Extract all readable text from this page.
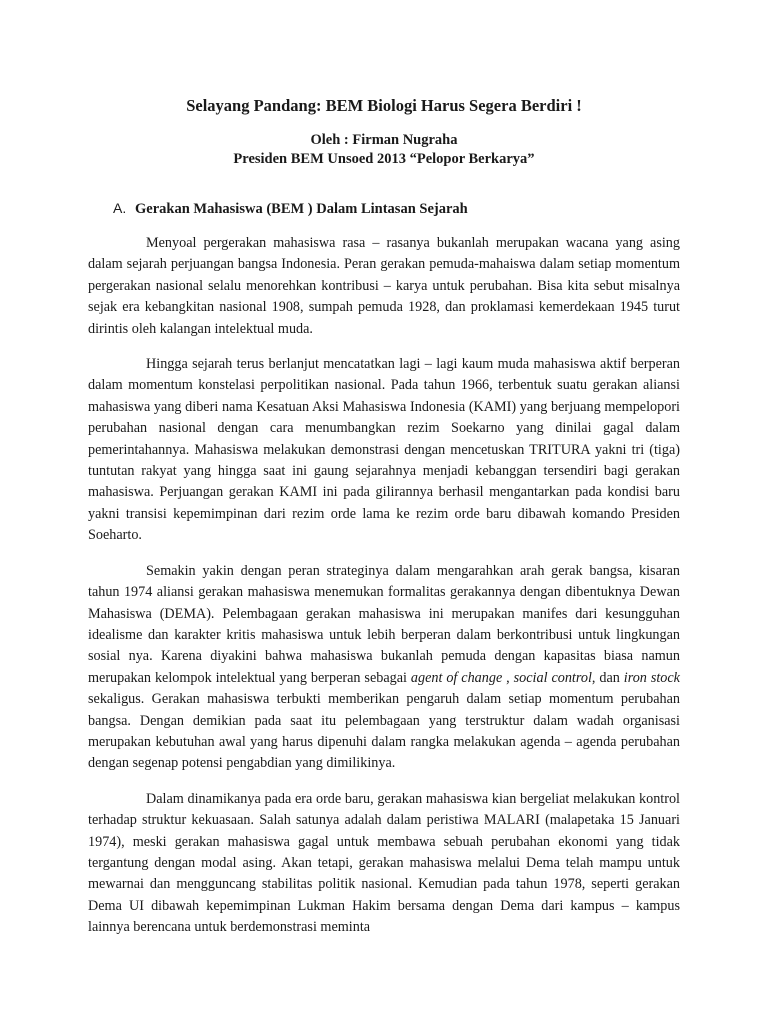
Selayang Pandang: BEM Biologi Harus Segera Berdiri !

Oleh : Firman Nugraha

Presiden BEM Unsoed 2013 “Pelopor Berkarya”

A. Gerakan Mahasiswa (BEM ) Dalam Lintasan Sejarah

Menyoal pergerakan mahasiswa rasa – rasanya bukanlah merupakan wacana yang asing dalam sejarah perjuangan bangsa Indonesia. Peran gerakan pemuda-mahaiswa dalam setiap momentum pergerakan nasional selalu menorehkan kontribusi – karya untuk perubahan. Bisa kita sebut misalnya sejak era kebangkitan nasional 1908, sumpah pemuda 1928, dan proklamasi kemerdekaan 1945 turut dirintis oleh kalangan intelektual muda.

Hingga sejarah terus berlanjut mencatatkan lagi – lagi kaum muda mahasiswa aktif berperan dalam momentum konstelasi perpolitikan nasional. Pada tahun 1966, terbentuk suatu gerakan aliansi mahasiswa yang diberi nama Kesatuan Aksi Mahasiswa Indonesia (KAMI) yang berjuang mempelopori perubahan nasional dengan cara menumbangkan rezim Soekarno yang dinilai gagal dalam pemerintahannya. Mahasiswa melakukan demonstrasi dengan mencetuskan TRITURA yakni tri (tiga) tuntutan rakyat yang hingga saat ini gaung sejarahnya menjadi kebanggan tersendiri bagi gerakan mahasiswa. Perjuangan gerakan KAMI ini pada gilirannya berhasil mengantarkan pada kondisi baru yakni transisi kepemimpinan dari rezim orde lama ke rezim orde baru dibawah komando Presiden Soeharto.

Semakin yakin dengan peran strateginya dalam mengarahkan arah gerak bangsa, kisaran tahun 1974 aliansi gerakan mahasiswa menemukan formalitas gerakannya dengan dibentuknya Dewan Mahasiswa (DEMA). Pelembagaan gerakan mahasiswa ini merupakan manifes dari kesungguhan idealisme dan karakter kritis mahasiswa untuk lebih berperan dalam berkontribusi untuk lingkungan sosial nya. Karena diyakini bahwa mahasiswa bukanlah pemuda dengan kapasitas biasa namun merupakan kelompok intelektual yang berperan sebagai agent of change , social control, dan iron stock sekaligus. Gerakan mahasiswa terbukti memberikan pengaruh dalam setiap momentum perubahan bangsa. Dengan demikian pada saat itu pelembagaan yang terstruktur dalam wadah organisasi merupakan kebutuhan awal yang harus dipenuhi dalam rangka melakukan agenda – agenda perubahan dengan segenap potensi pengabdian yang dimilikinya.

Dalam dinamikanya pada era orde baru, gerakan mahasiswa kian bergeliat melakukan kontrol terhadap struktur kekuasaan. Salah satunya adalah dalam peristiwa MALARI (malapetaka 15 Januari 1974), meski gerakan mahasiswa gagal untuk membawa sebuah perubahan ekonomi yang tidak tergantung dengan modal asing. Akan tetapi, gerakan mahasiswa melalui Dema telah mampu untuk mewarnai dan mengguncang stabilitas politik nasional. Kemudian pada tahun 1978, seperti gerakan Dema UI dibawah kepemimpinan Lukman Hakim bersama dengan Dema dari kampus – kampus lainnya berencana untuk berdemonstrasi meminta
